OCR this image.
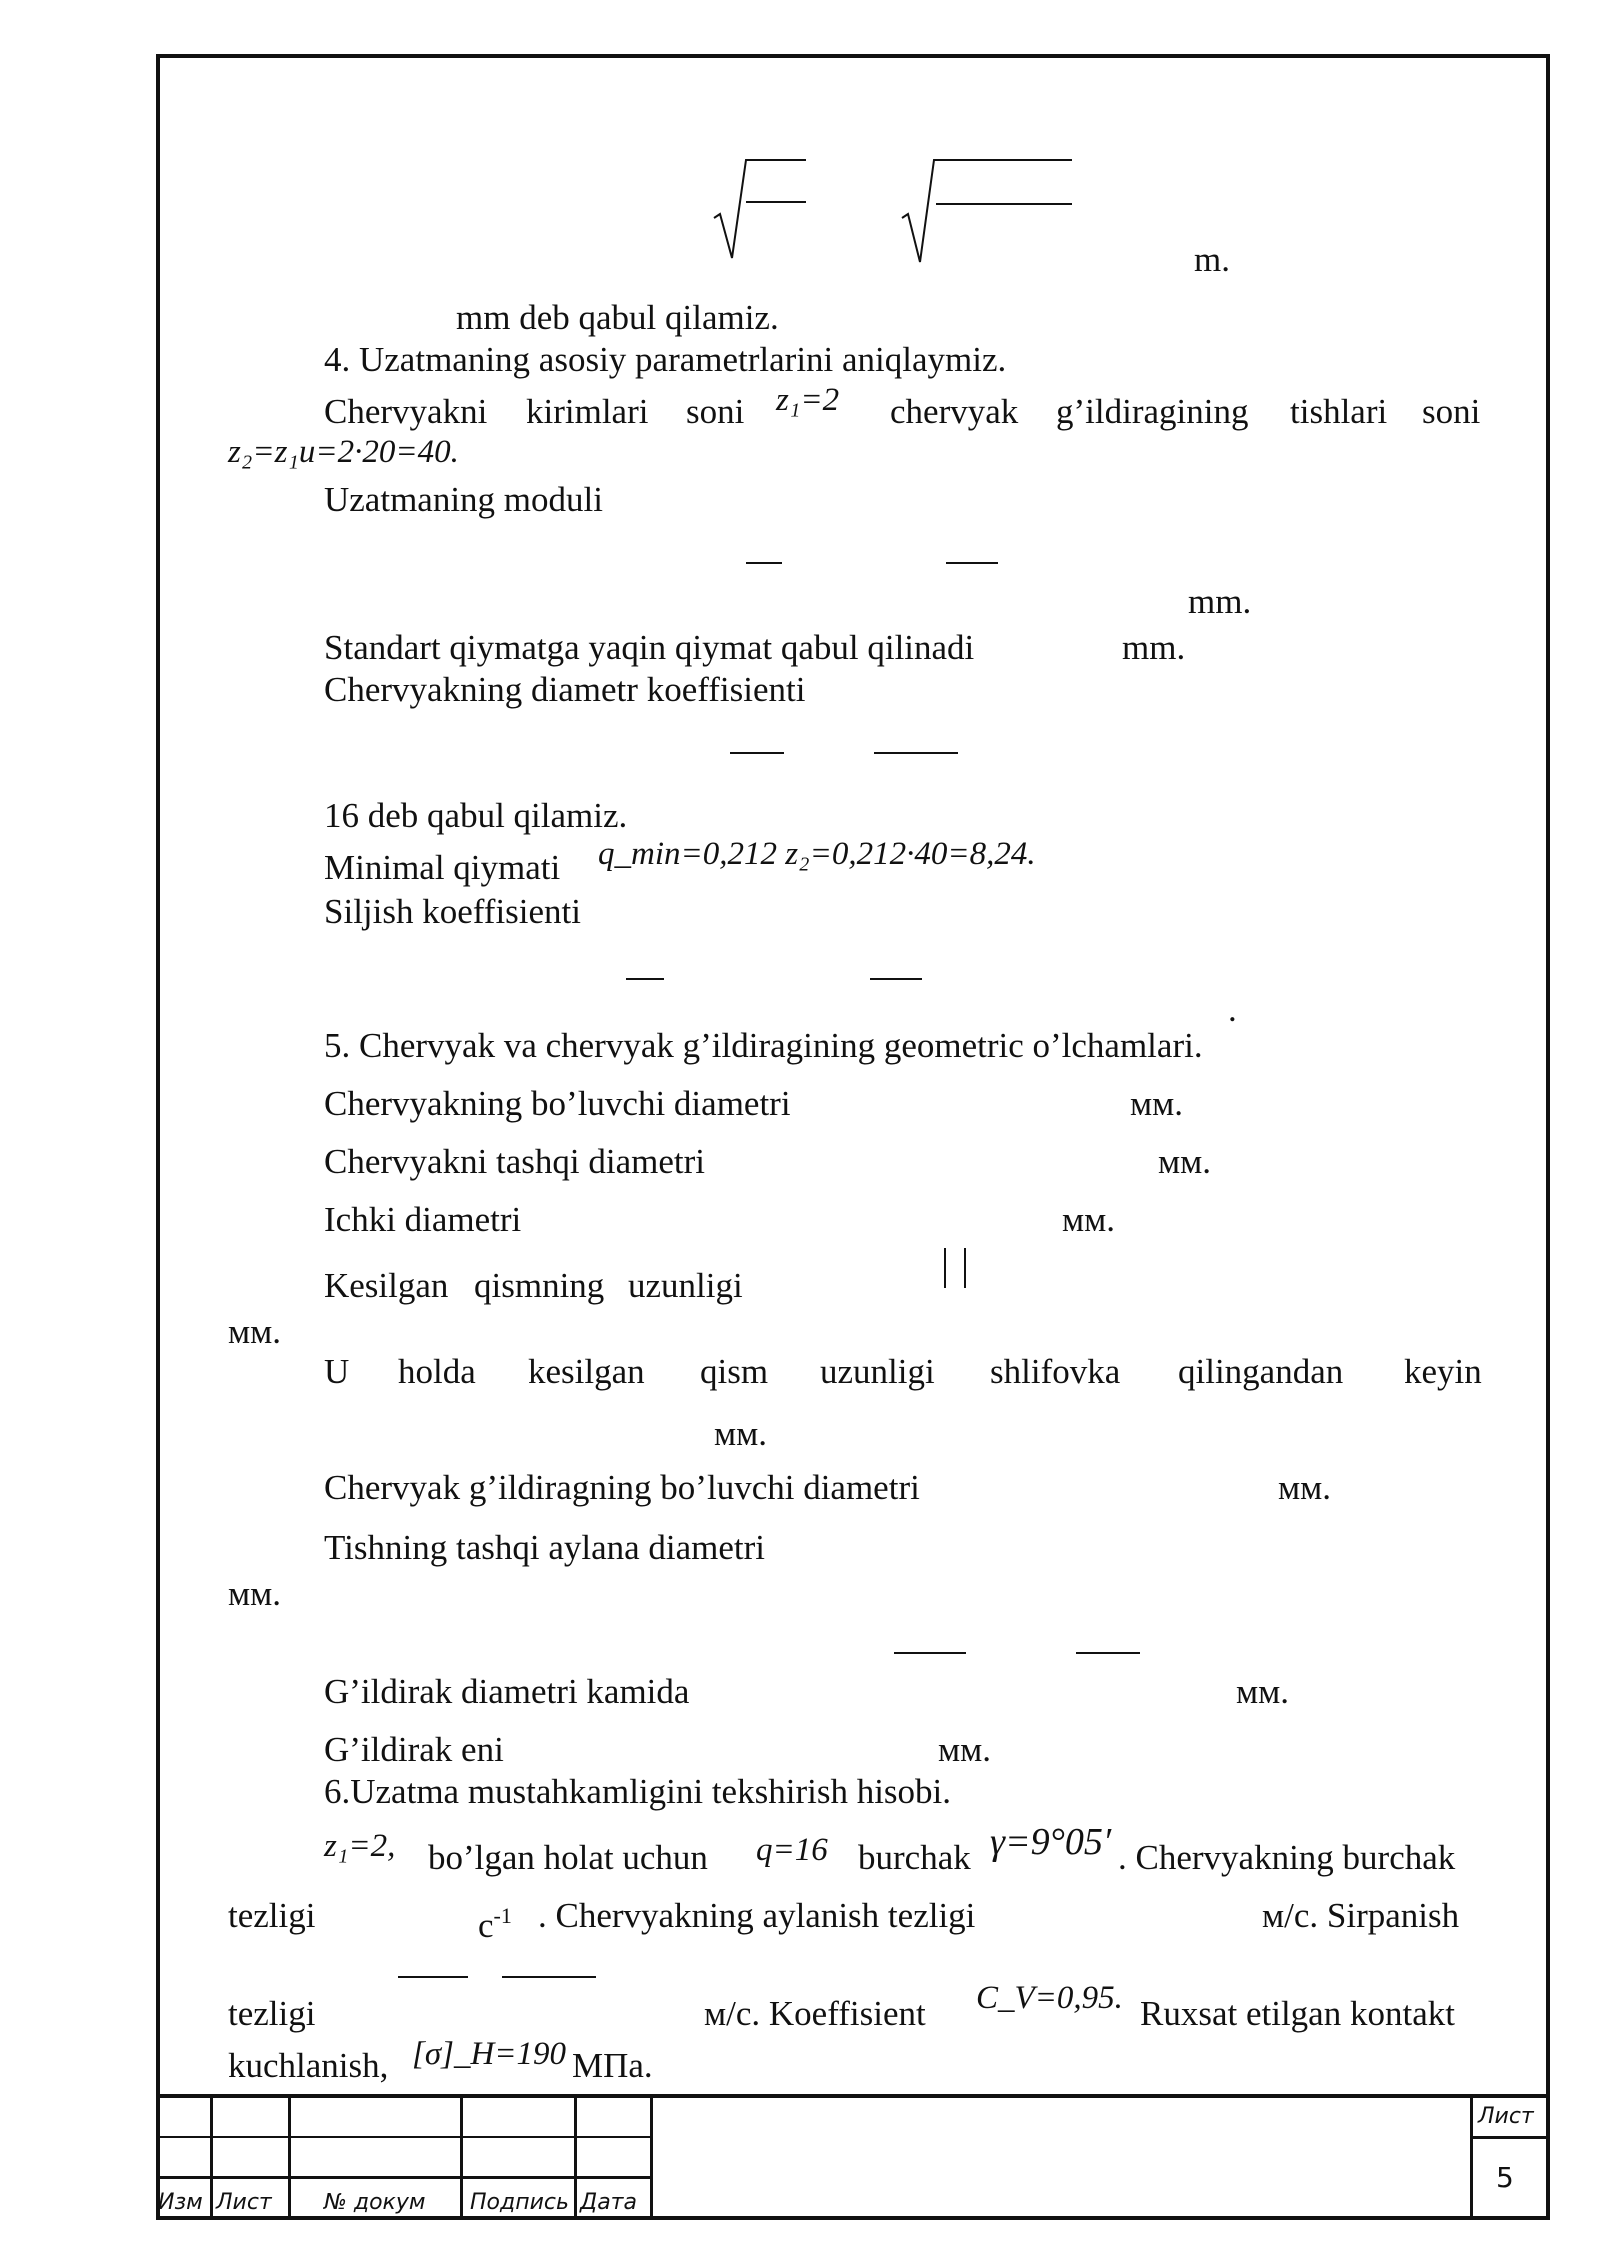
m.
mm deb qabul qilamiz.
4. Uzatmaning asosiy parametrlarini aniqlaymiz.
Chervyakni kirimlari soni z₁=2 chervyak g’ildiragining tishlari soni
z₂=z₁u=2·20=40.
Uzatmaning moduli
mm.
Standart qiymatga yaqin qiymat qabul qilinadi	mm.
Chervyakning diametr koeffisienti
16 deb qabul qilamiz.
Minimal qiymati q_min=0,212 z₂=0,212·40=8,24.
Siljish koeffisienti
.
5. Chervyak va chervyak g’ildiragining geometric o’lchamlari.
Chervyakning bo’luvchi diametri	мм.
Chervyakni tashqi diametri	мм.
Ichki diametri	мм.
Kesilgan qismning uzunligi
мм.
U holda kesilgan qism uzunligi shlifovka qilingandan keyin
мм.
Chervyak g’ildiragning bo’luvchi diametri	мм.
Tishning tashqi aylana diametri
мм.
G’ildirak diametri kamida	мм.
G’ildirak eni	мм.
6.Uzatma mustahkamligini tekshirish hisobi.
z₁=2, bo’lgan holat uchun q=16 burchak γ=9°05′ . Chervyakning burchak
tezligi	$c^{-1}$ . Chervyakning aylanish tezligi	м/c. Sirpanish
tezligi	м/c. Koeffisient C_V=0,95. Ruxsat etilgan kontakt
kuchlanish, [σ]_H=190 МПа.
Изм Лист № докум Подпись Дата
Лист
5
